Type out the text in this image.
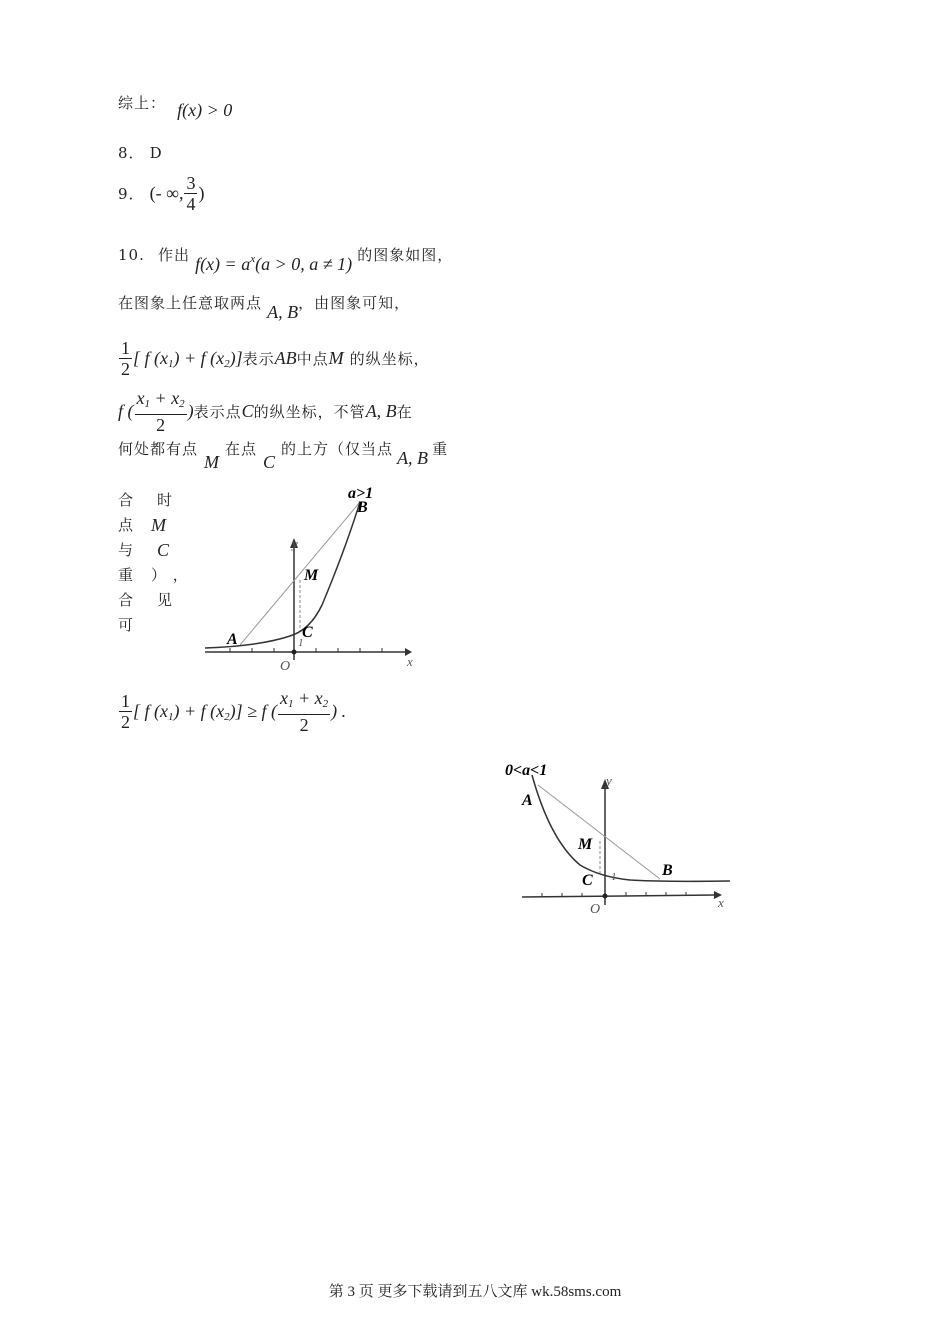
综上： f(x) > 0
8． D
9． (- ∞, $\frac{3}{4}$ )
10. 作出 $f(x) = a^x(a > 0$, a ≠ 1) 的图象如图，
在图象上任意取两点 A, B，由图象可知，
$\frac{1}{2}$ [ f $(x_1) + f$ $(x_2)$]表示AB中点M 的纵坐标，
f ( $\frac{x_1 + x_2}{2}$ )表示点C的纵坐标，不管A, B在
何处都有点M在点C的上方（仅当点 A, B 重
合
点
与
重
合
可
时
M
C
） ，
见
a>1
B
A
M
C
1
O	x
y
$\frac{1}{2}$ [ f $(x_1) + f$ $(x_2)] \ge f$ ( $\frac{x_1 + x_2}{2}$ ) .
0<a<1
A
M
C
B
1
O	x
y
第 3 页 更多下载请到五八文库 wk.58sms.com
